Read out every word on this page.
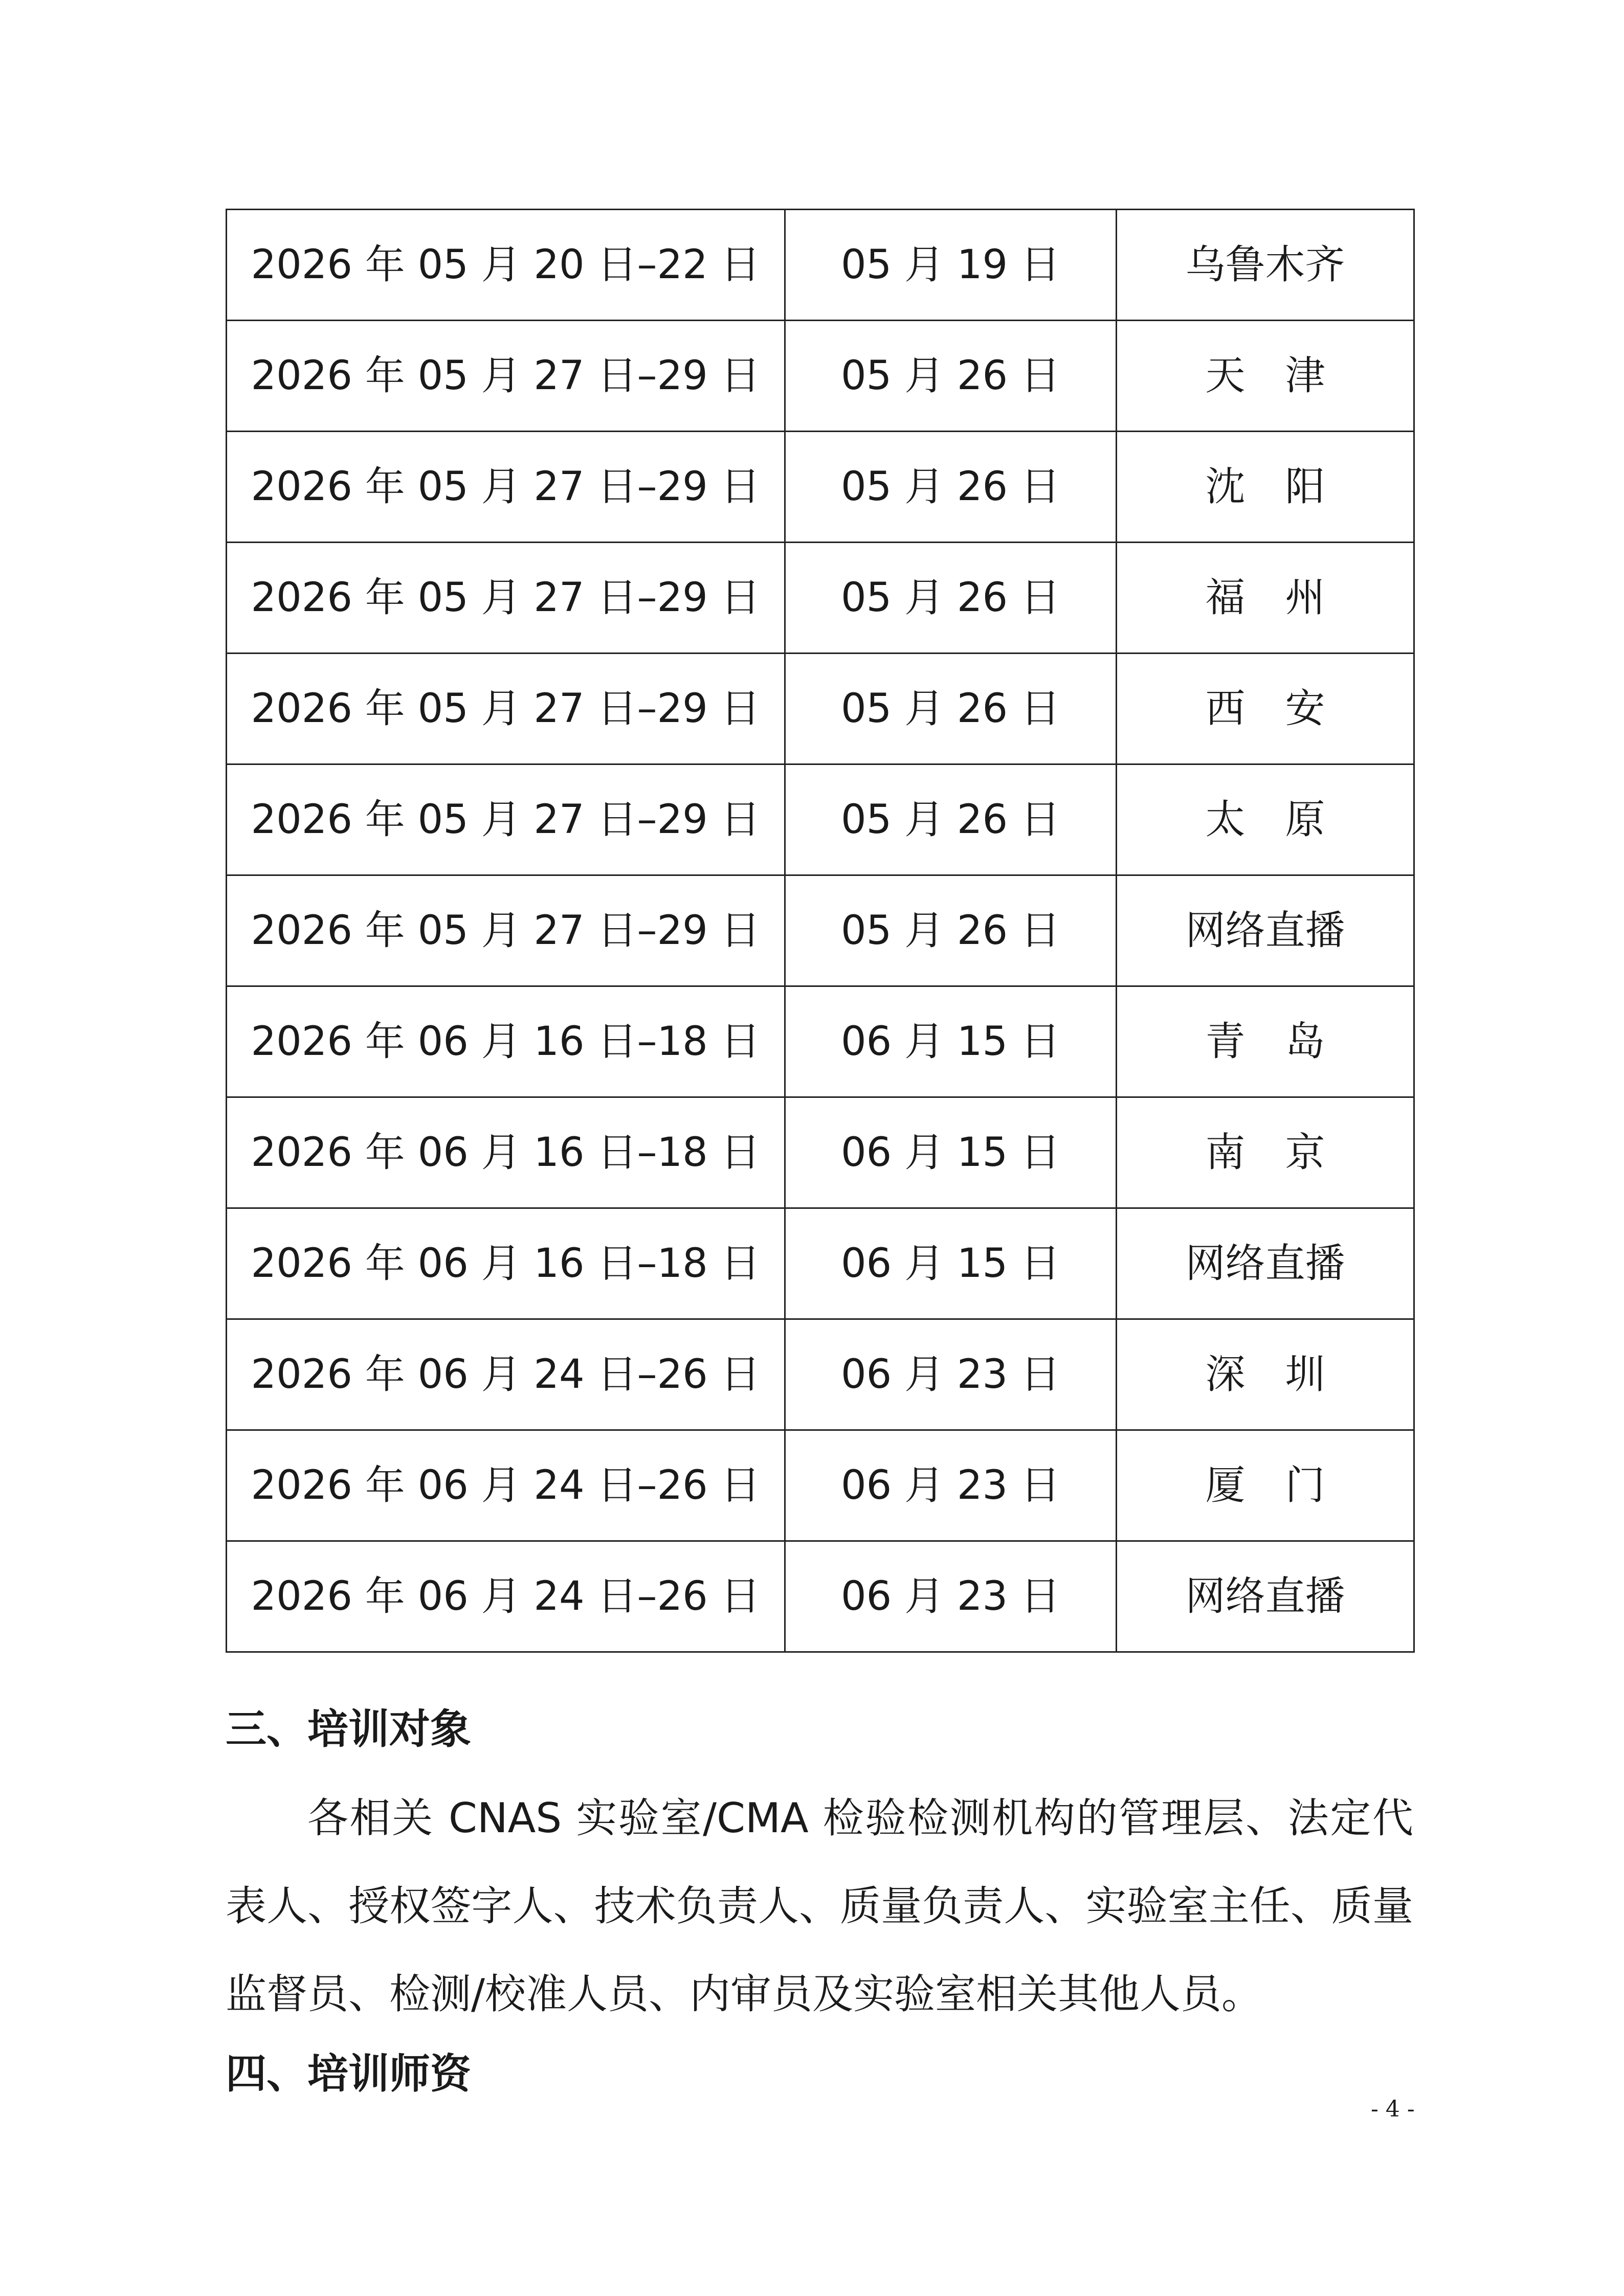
2026 年 05 月 20 日–22 日	05 月 19 日	乌鲁木齐
2026 年 05 月 27 日–29 日	05 月 26 日	天　津
2026 年 05 月 27 日–29 日	05 月 26 日	沈　阳
2026 年 05 月 27 日–29 日	05 月 26 日	福　州
2026 年 05 月 27 日–29 日	05 月 26 日	西　安
2026 年 05 月 27 日–29 日	05 月 26 日	太　原
2026 年 05 月 27 日–29 日	05 月 26 日	网络直播
2026 年 06 月 16 日–18 日	06 月 15 日	青　岛
2026 年 06 月 16 日–18 日	06 月 15 日	南　京
2026 年 06 月 16 日–18 日	06 月 15 日	网络直播
2026 年 06 月 24 日–26 日	06 月 23 日	深　圳
2026 年 06 月 24 日–26 日	06 月 23 日	厦　门
2026 年 06 月 24 日–26 日	06 月 23 日	网络直播
三、培训对象

各相关 CNAS 实验室/CMA 检验检测机构的管理层、法定代表人、授权签字人、技术负责人、质量负责人、实验室主任、质量监督员、检测/校准人员、内审员及实验室相关其他人员。

四、培训师资
- 4 -
